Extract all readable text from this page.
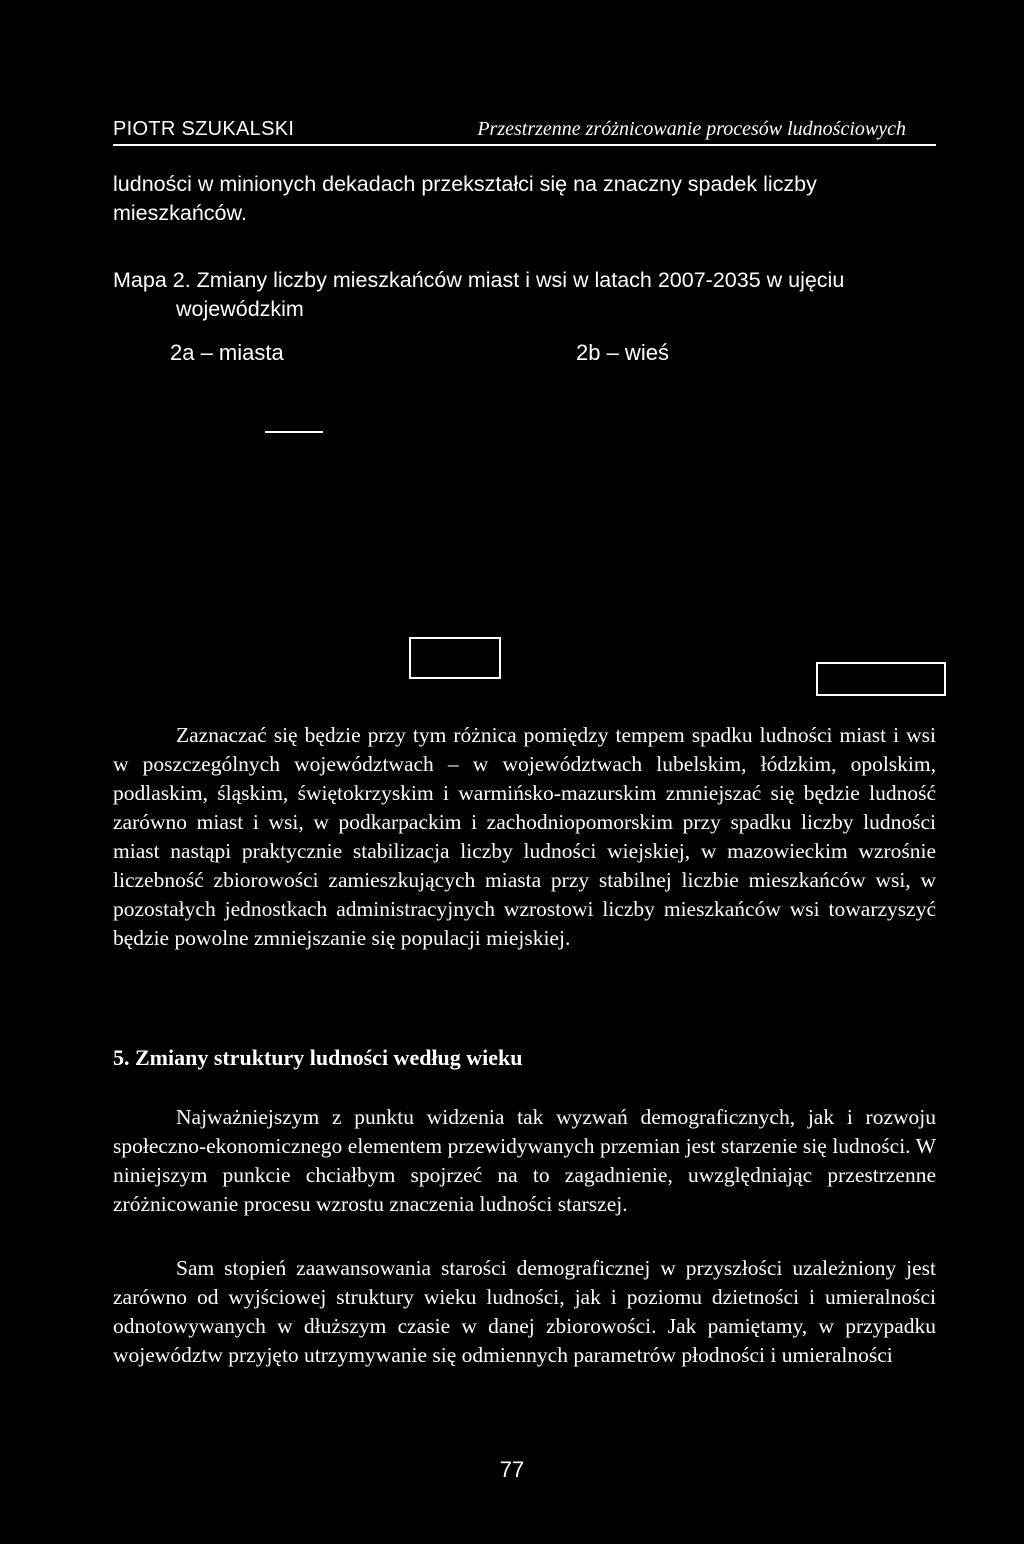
PIOTR SZUKALSKI	Przestrzenne zróżnicowanie procesów ludnościowych

ludności w minionych dekadach przekształci się na znaczny spadek liczby mieszkańców.

Mapa 2. Zmiany liczby mieszkańców miast i wsi w latach 2007-2035 w ujęciu
wojewódzkim
2a – miasta	2b – wieś

Zaznaczać się będzie przy tym różnica pomiędzy tempem spadku ludności miast i wsi w poszczególnych województwach – w województwach lubelskim, łódzkim, opolskim, podlaskim, śląskim, świętokrzyskim i warmińsko-mazurskim zmniejszać się będzie ludność zarówno miast i wsi, w podkarpackim i zachodniopomorskim przy spadku liczby ludności miast nastąpi praktycznie stabilizacja liczby ludności wiejskiej, w mazowieckim wzrośnie liczebność zbiorowości zamieszkujących miasta przy stabilnej liczbie mieszkańców wsi, w pozostałych jednostkach administracyjnych wzrostowi liczby mieszkańców wsi towarzyszyć będzie powolne zmniejszanie się populacji miejskiej.

5. Zmiany struktury ludności według wieku

Najważniejszym z punktu widzenia tak wyzwań demograficznych, jak i rozwoju społeczno-ekonomicznego elementem przewidywanych przemian jest starzenie się ludności. W niniejszym punkcie chciałbym spojrzeć na to zagadnienie, uwzględniając przestrzenne zróżnicowanie procesu wzrostu znaczenia ludności starszej.

Sam stopień zaawansowania starości demograficznej w przyszłości uzależniony jest zarówno od wyjściowej struktury wieku ludności, jak i poziomu dzietności i umieralności odnotowywanych w dłuższym czasie w danej zbiorowości. Jak pamiętamy, w przypadku województw przyjęto utrzymywanie się odmiennych parametrów płodności i umieralności

77
